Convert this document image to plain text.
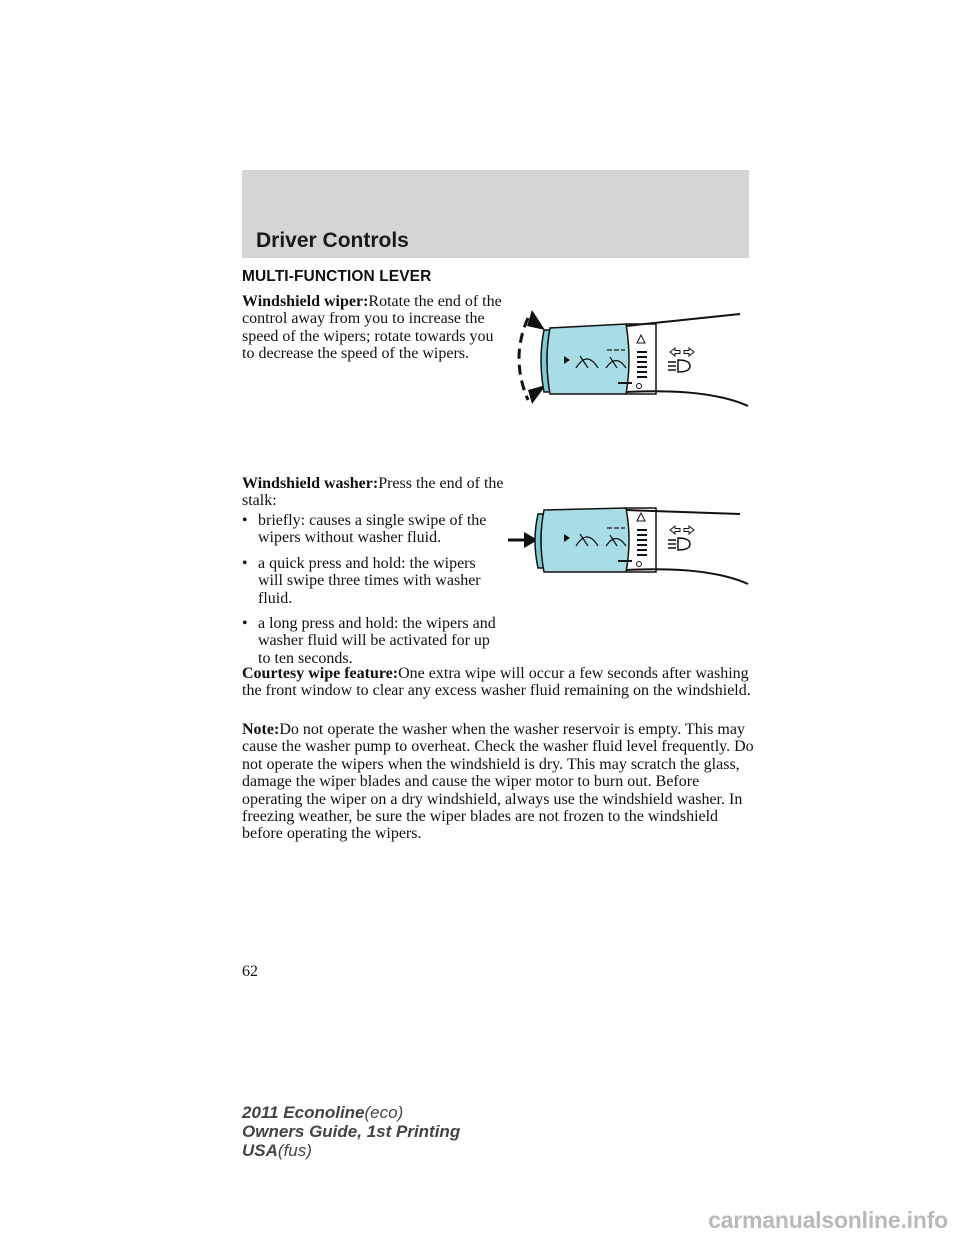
Driver Controls
MULTI-FUNCTION LEVER

Windshield wiper:Rotate the end of the control away from you to increase the speed of the wipers; rotate towards you to decrease the speed of the wipers.

Windshield washer:Press the end of the stalk:

• briefly: causes a single swipe of the wipers without washer fluid.
• a quick press and hold: the wipers will swipe three times with washer fluid.
• a long press and hold: the wipers and washer fluid will be activated for up to ten seconds.

Courtesy wipe feature:One extra wipe will occur a few seconds after washing the front window to clear any excess washer fluid remaining on the windshield.

Note:Do not operate the washer when the washer reservoir is empty. This may cause the washer pump to overheat. Check the washer fluid level frequently. Do not operate the wipers when the windshield is dry. This may scratch the glass, damage the wiper blades and cause the wiper motor to burn out. Before operating the wiper on a dry windshield, always use the windshield washer. In freezing weather, be sure the wiper blades are not frozen to the windshield before operating the wipers.

62

2011 Econoline(eco)
Owners Guide, 1st Printing
USA(fus)
carmanualsonline.info
